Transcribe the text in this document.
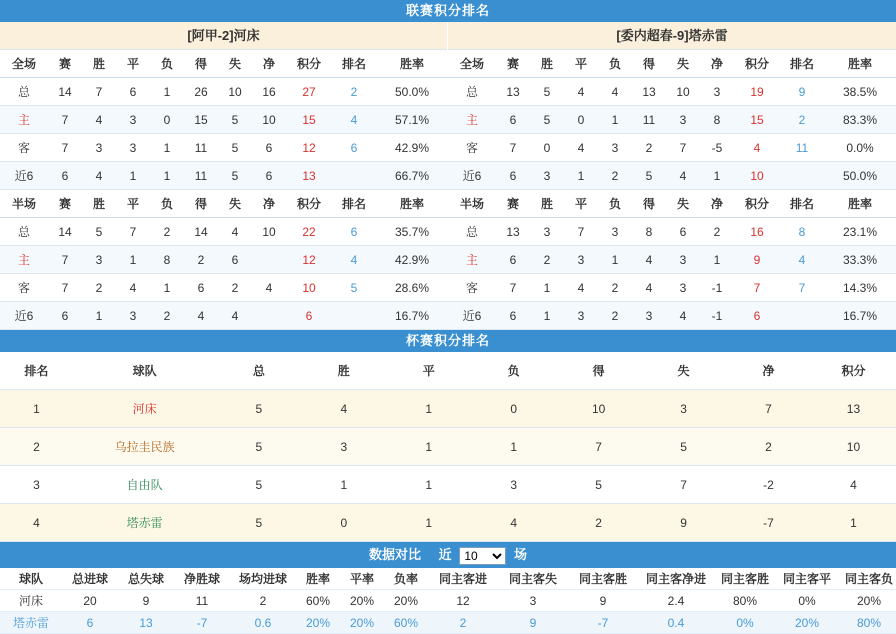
联赛积分排名
[阿甲-2]河床
全场	赛	胜	平	负	得	失	净	积分	排名	胜率
总	14	7	6	1	26	10	16	27	2	50.0%
主	7	4	3	0	15	5	10	15	4	57.1%
客	7	3	3	1	11	5	6	12	6	42.9%
近6	6	4	1	1	11	5	6	13		66.7%
半场	赛	胜	平	负	得	失	净	积分	排名	胜率
总	14	5	7	2	14	4	10	22	6	35.7%
主	7	3	1	8	2	6		12	4	42.9%
客	7	2	4	1	6	2	4	10	5	28.6%
近6	6	1	3	2	4	4		6		16.7%
[委内超春-9]塔赤雷
全场	赛	胜	平	负	得	失	净	积分	排名	胜率
总	13	5	4	4	13	10	3	19	9	38.5%
主	6	5	0	1	11	3	8	15	2	83.3%
客	7	0	4	3	2	7	-5	4	11	0.0%
近6	6	3	1	2	5	4	1	10		50.0%
半场	赛	胜	平	负	得	失	净	积分	排名	胜率
总	13	3	7	3	8	6	2	16	8	23.1%
主	6	2	3	1	4	3	1	9	4	33.3%
客	7	1	4	2	4	3	-1	7	7	14.3%
近6	6	1	3	2	3	4	-1	6		16.7%
杯赛积分排名
排名	球队	总	胜	平	负	得	失	净	积分
1	河床	5	4	1	0	10	3	7	13
2	乌拉圭民族	5	3	1	1	7	5	2	10
3	自由队	5	1	1	3	5	7	-2	4
4	塔赤雷	5	0	1	4	2	9	-7	1
数据对比 近
10	场
球队	总进球	总失球	净胜球	场均进球	胜率	平率	负率	同主客进	同主客失	同主客胜	同主客净进	同主客胜	同主客平	同主客负
河床	20	9	11	2	60%	20%	20%	12	3	9	2.4	80%	0%	20%
塔赤雷	6	13	-7	0.6	20%	20%	60%	2	9	-7	0.4	0%	20%	80%
